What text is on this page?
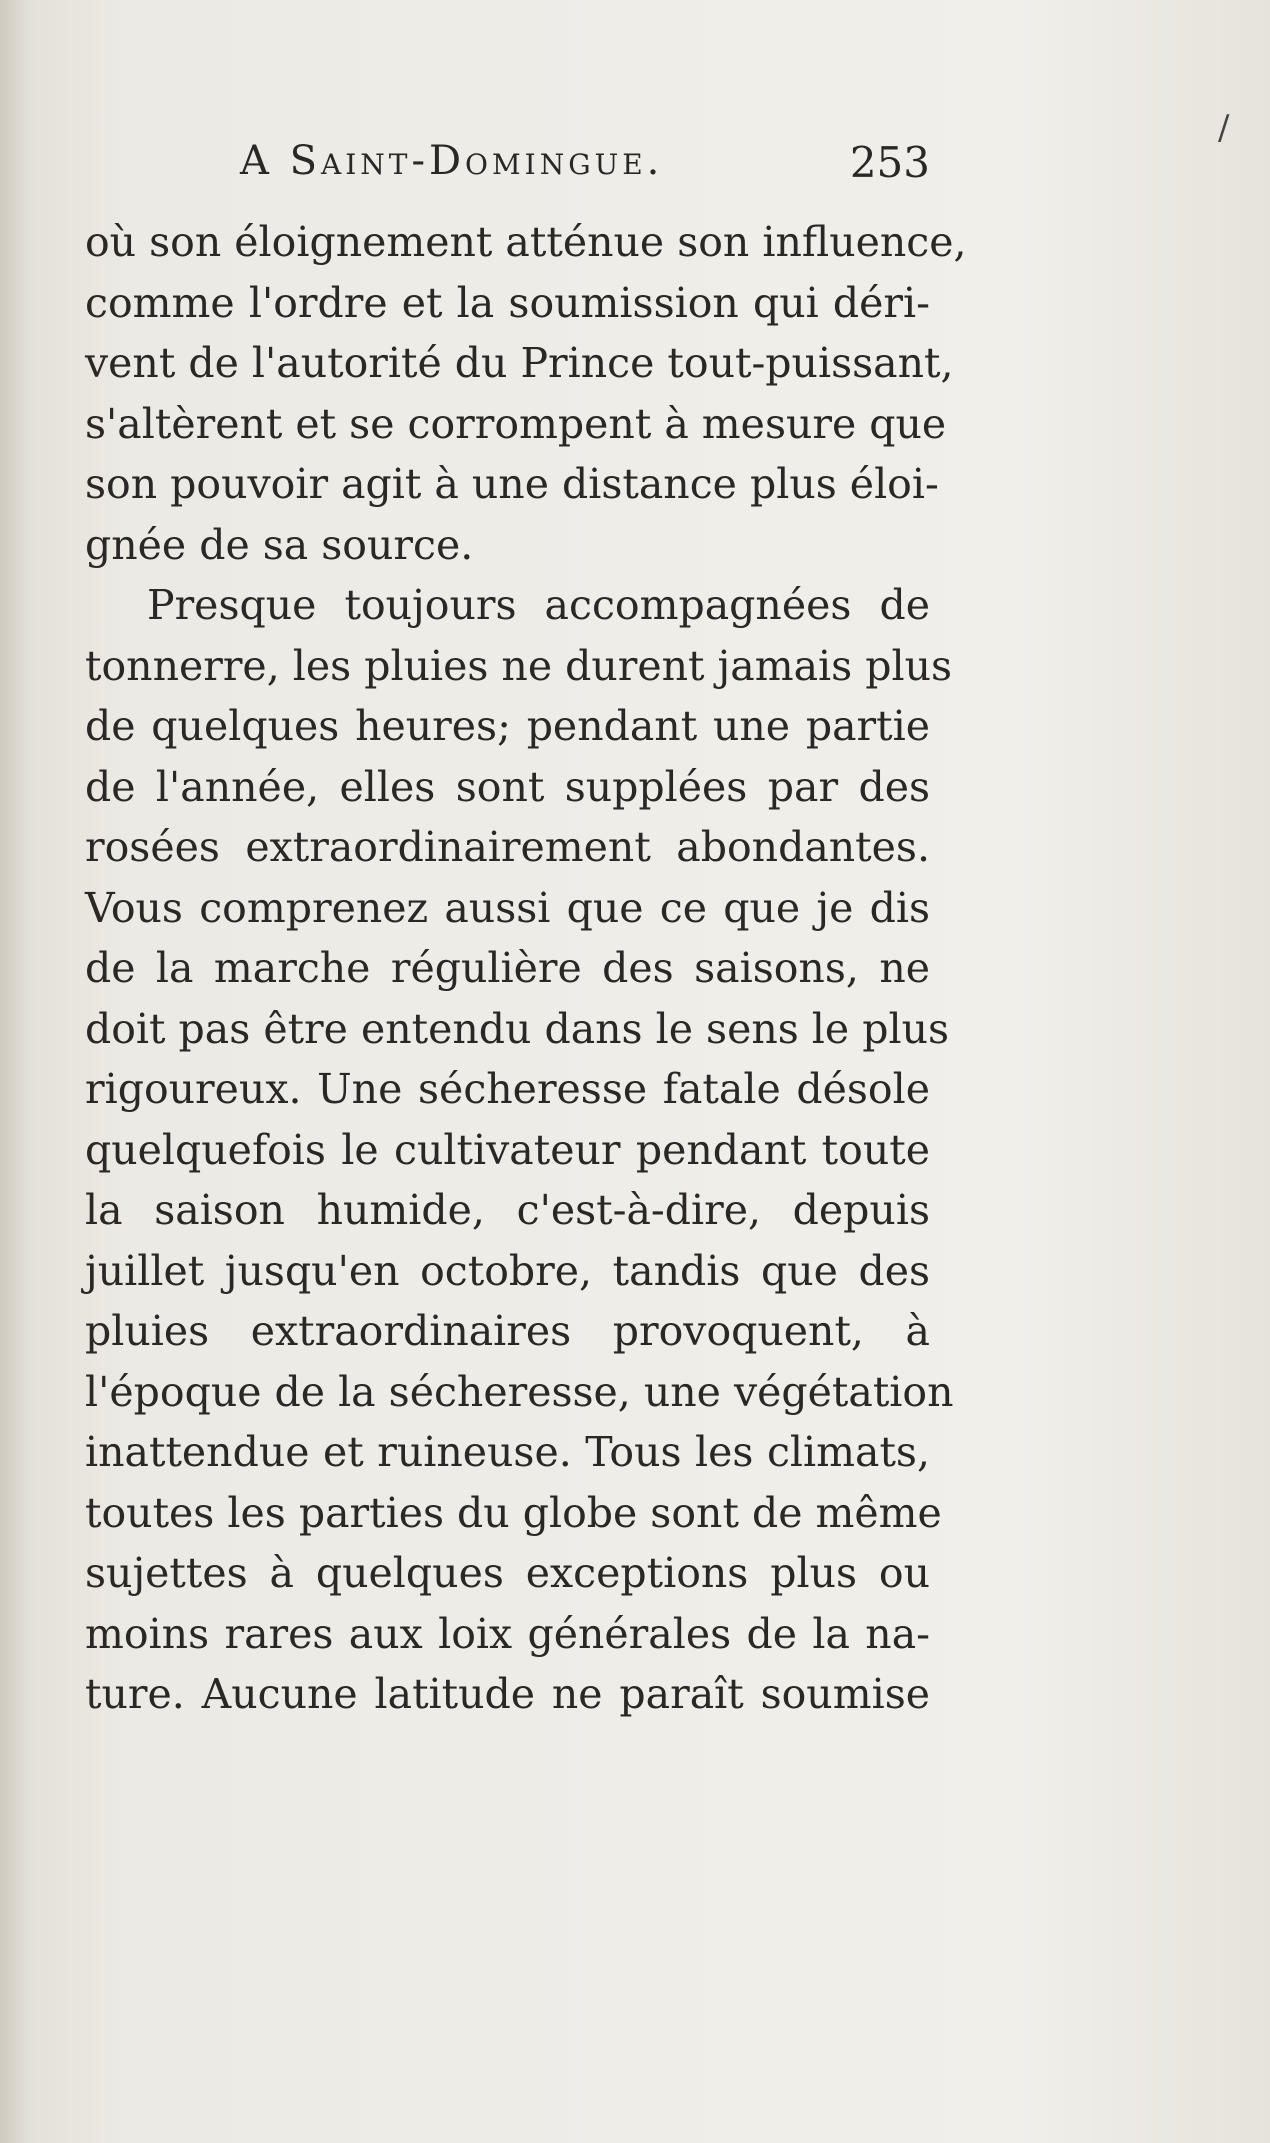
/
A Saint-Domingue.	253
où son éloignement atténue son influence,
comme l'ordre et la soumission qui déri-
vent de l'autorité du Prince tout-puissant,
s'altèrent et se corrompent à mesure que
son pouvoir agit à une distance plus éloi-
gnée de sa source.
Presque toujours accompagnées de
tonnerre, les pluies ne durent jamais plus
de quelques heures; pendant une partie
de l'année, elles sont supplées par des
rosées extraordinairement abondantes.
Vous comprenez aussi que ce que je dis
de la marche régulière des saisons, ne
doit pas être entendu dans le sens le plus
rigoureux. Une sécheresse fatale désole
quelquefois le cultivateur pendant toute
la saison humide, c'est-à-dire, depuis
juillet jusqu'en octobre, tandis que des
pluies extraordinaires provoquent, à
l'époque de la sécheresse, une végétation
inattendue et ruineuse. Tous les climats,
toutes les parties du globe sont de même
sujettes à quelques exceptions plus ou
moins rares aux loix générales de la na-
ture. Aucune latitude ne paraît soumise
